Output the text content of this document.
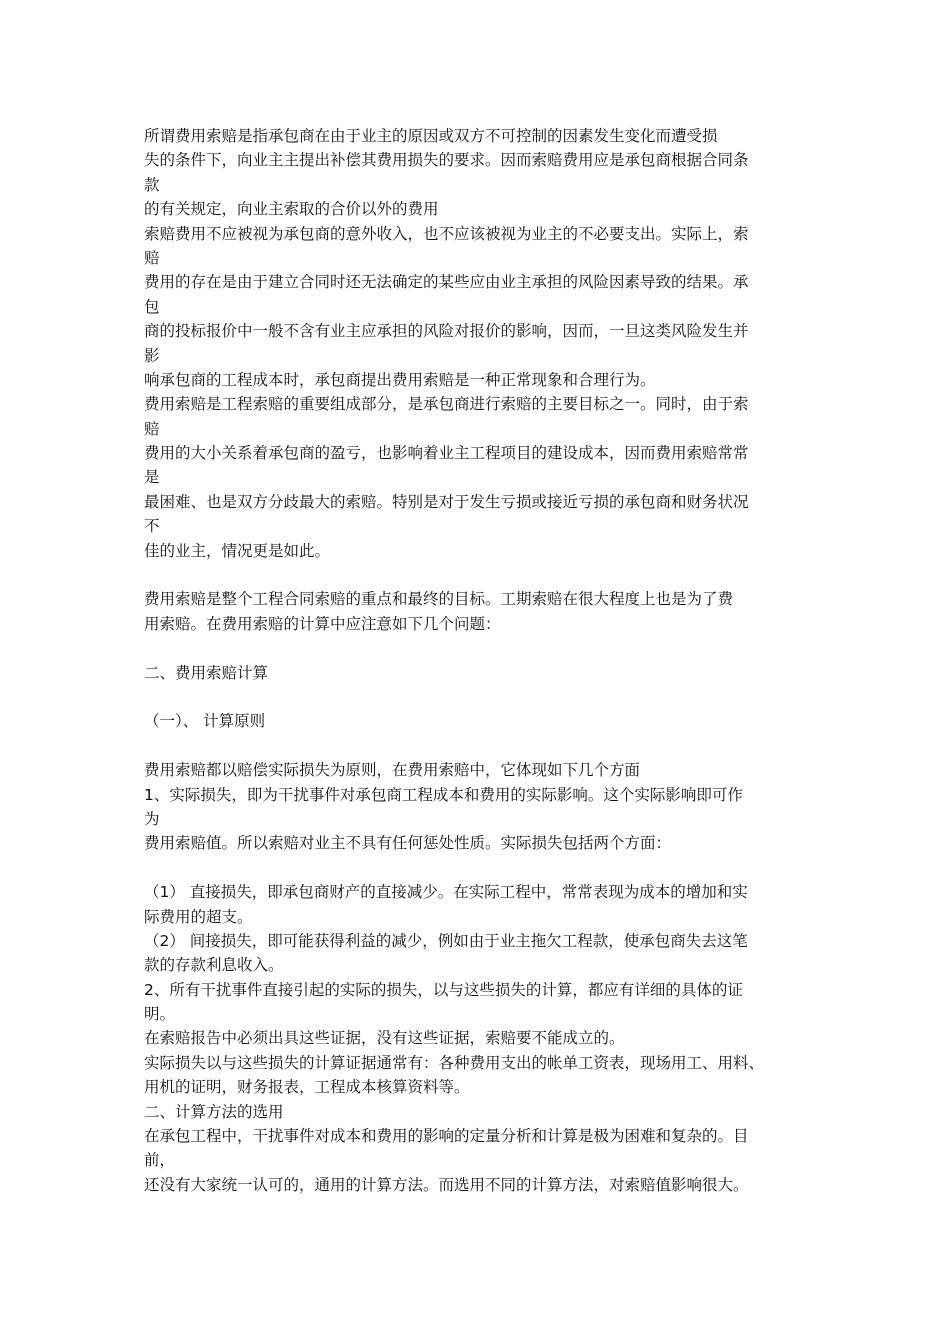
所谓费用索赔是指承包商在由于业主的原因或双方不可控制的因素发生变化而遭受损
失的条件下，向业主主提出补偿其费用损失的要求。因而索赔费用应是承包商根据合同条
款
的有关规定，向业主索取的合价以外的费用
索赔费用不应被视为承包商的意外收入，也不应该被视为业主的不必要支出。实际上，索
赔
费用的存在是由于建立合同时还无法确定的某些应由业主承担的风险因素导致的结果。承
包
商的投标报价中一般不含有业主应承担的风险对报价的影响，因而，一旦这类风险发生并
影
响承包商的工程成本时，承包商提出费用索赔是一种正常现象和合理行为。
费用索赔是工程索赔的重要组成部分，是承包商进行索赔的主要目标之一。同时，由于索
赔
费用的大小关系着承包商的盈亏，也影响着业主工程项目的建设成本，因而费用索赔常常
是
最困难、也是双方分歧最大的索赔。特别是对于发生亏损或接近亏损的承包商和财务状况
不
佳的业主，情况更是如此。
费用索赔是整个工程合同索赔的重点和最终的目标。工期索赔在很大程度上也是为了费
用索赔。在费用索赔的计算中应注意如下几个问题：
二、费用索赔计算
（一）、 计算原则
费用索赔都以赔偿实际损失为原则，在费用索赔中，它体现如下几个方面
1、实际损失，即为干扰事件对承包商工程成本和费用的实际影响。这个实际影响即可作
为
费用索赔值。所以索赔对业主不具有任何惩处性质。实际损失包括两个方面：
（1） 直接损失，即承包商财产的直接减少。在实际工程中，常常表现为成本的增加和实
际费用的超支。
（2） 间接损失，即可能获得利益的减少，例如由于业主拖欠工程款，使承包商失去这笔
款的存款利息收入。
2、所有干扰事件直接引起的实际的损失，以与这些损失的计算，都应有详细的具体的证
明。
在索赔报告中必须出具这些证据，没有这些证据，索赔要不能成立的。
实际损失以与这些损失的计算证据通常有：各种费用支出的帐单工资表，现场用工、用料、
用机的证明，财务报表，工程成本核算资料等。
二、计算方法的选用
在承包工程中，干扰事件对成本和费用的影响的定量分析和计算是极为困难和复杂的。目
前，
还没有大家统一认可的，通用的计算方法。而选用不同的计算方法，对索赔值影响很大。
